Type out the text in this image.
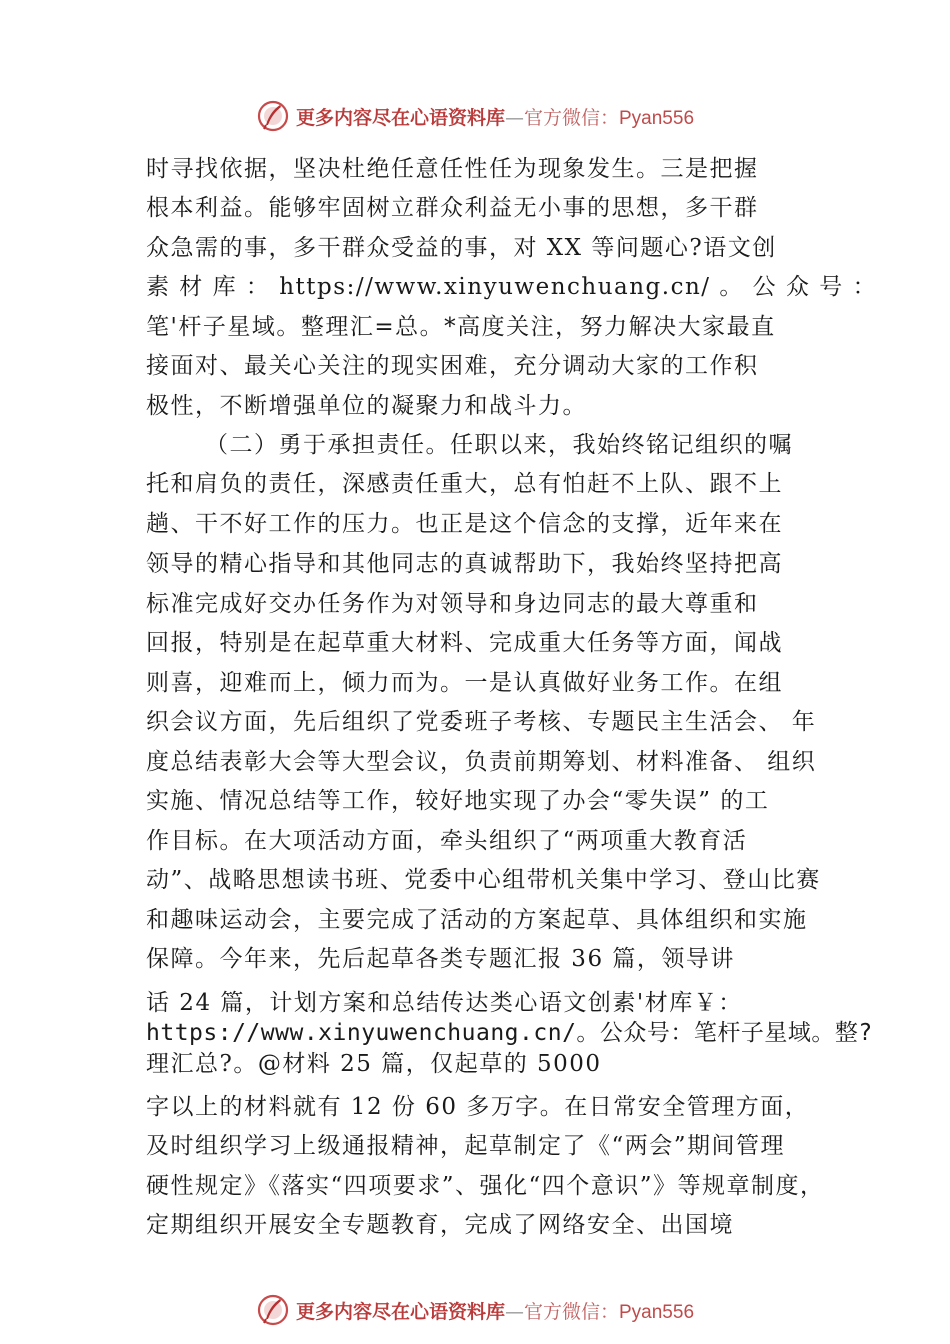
更多内容尽在心语资料库—官方微信：Pyan556
时寻找依据，坚决杜绝任意任性任为现象发生。三是把握
根本利益。能够牢固树立群众利益无小事的思想，多干群
众急需的事，多干群众受益的事，对 XX 等问题心?语文创
素 材 库 ： https://www.xinyuwenchuang.cn/ 。 公 众 号 ：
笔'杆子星域。整理汇=总。*高度关注，努力解决大家最直
接面对、最关心关注的现实困难，充分调动大家的工作积
极性，不断增强单位的凝聚力和战斗力。
（二）勇于承担责任。任职以来，我始终铭记组织的嘱
托和肩负的责任，深感责任重大，总有怕赶不上队、跟不上
趟、干不好工作的压力。也正是这个信念的支撑，近年来在
领导的精心指导和其他同志的真诚帮助下，我始终坚持把高
标准完成好交办任务作为对领导和身边同志的最大尊重和
回报，特别是在起草重大材料、完成重大任务等方面，闻战
则喜，迎难而上，倾力而为。一是认真做好业务工作。在组
织会议方面，先后组织了党委班子考核、专题民主生活会、 年
度总结表彰大会等大型会议，负责前期筹划、材料准备、 组织
实施、情况总结等工作，较好地实现了办会“零失误” 的工
作目标。在大项活动方面，牵头组织了“两项重大教育活
动”、战略思想读书班、党委中心组带机关集中学习、登山比赛
和趣味运动会，主要完成了活动的方案起草、具体组织和实施
保障。今年来，先后起草各类专题汇报 36 篇，领导讲
话 24 篇，计划方案和总结传达类心语文创素'材库￥：
https://www.xinyuwenchuang.cn/。公众号：笔杆子星域。整?
理汇总?。@材料 25 篇，仅起草的 5000
字以上的材料就有 12 份 60 多万字。在日常安全管理方面，
及时组织学习上级通报精神，起草制定了《“两会”期间管理
硬性规定》《落实“四项要求”、强化“四个意识”》等规章制度，
定期组织开展安全专题教育，完成了网络安全、出国境
更多内容尽在心语资料库—官方微信：Pyan556
